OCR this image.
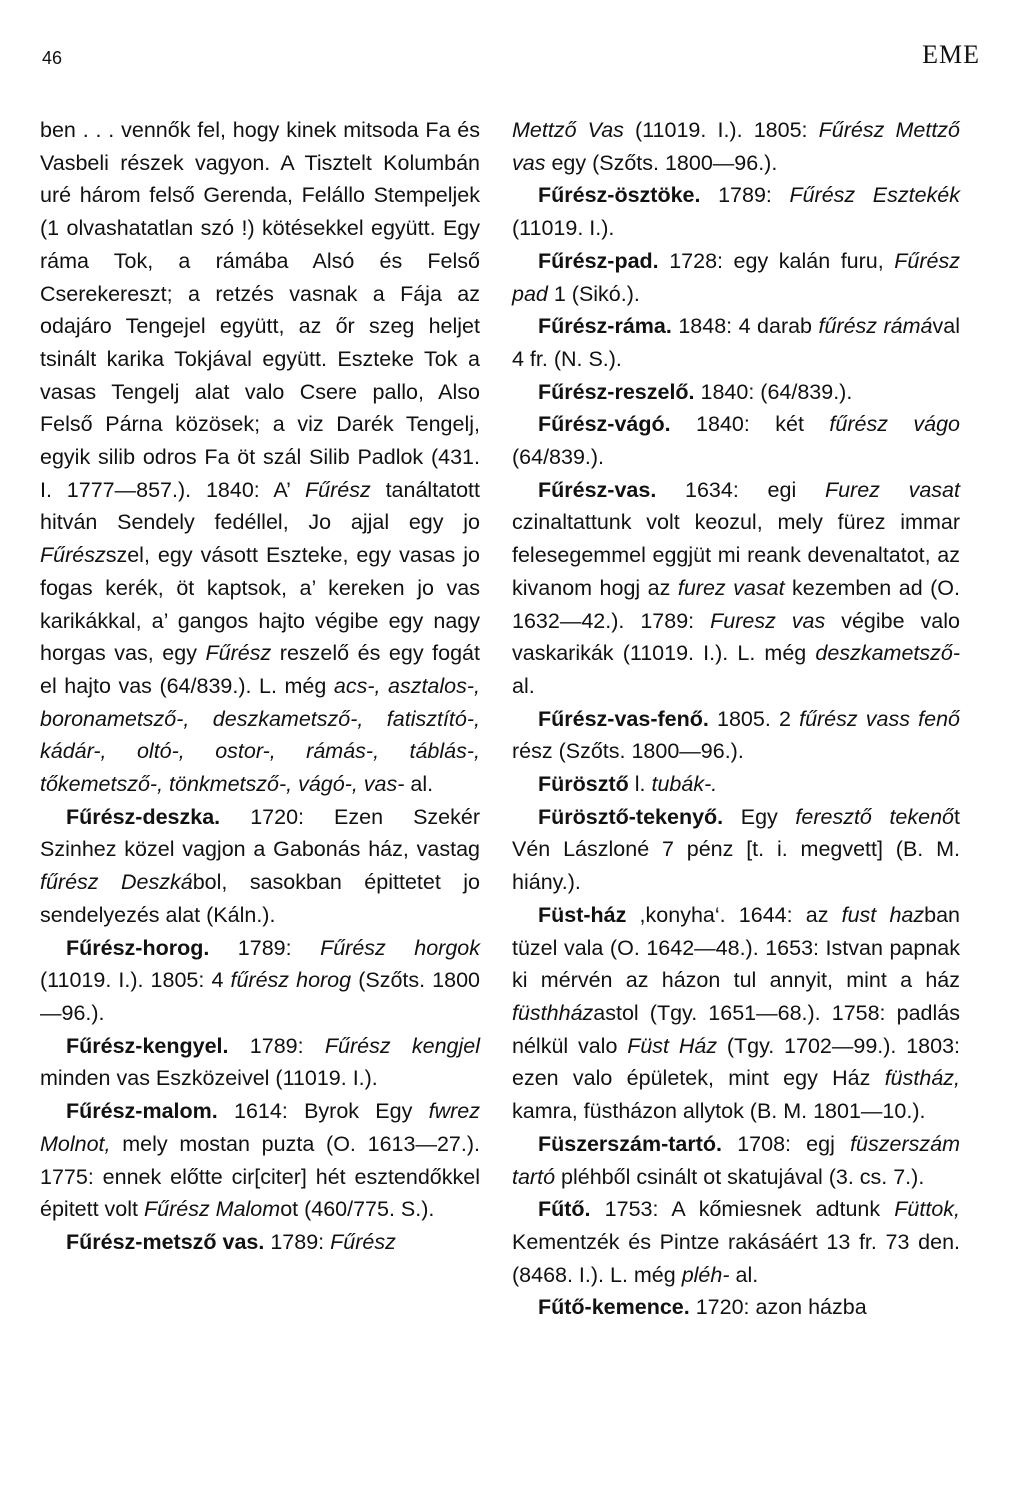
46	EME

ben . . . vennők fel, hogy kinek mitsoda Fa és Vasbeli részek vagyon. A Tisztelt Kolumbán uré három felső Gerenda, Felállo Stempeljek (1 olvashatatlan szó !) kötésekkel együtt. Egy ráma Tok, a rámába Alsó és Felső Cserekereszt; a retzés vasnak a Fája az odajáro Tengejel együtt, az őr szeg heljet tsinált karika Tokjával együtt. Eszteke Tok a vasas Tengelj alat valo Csere pallo, Also Felső Párna közösek; a viz Darék Tengelj, egyik silib odros Fa öt szál Silib Padlok (431. I. 1777—857.). 1840: A’ Fűrész tanáltatott hitván Sendely fedéllel, Jo ajjal egy jo Fűrészszel, egy vásott Eszteke, egy vasas jo fogas kerék, öt kaptsok, a’ kereken jo vas karikákkal, a’ gangos hajto végibe egy nagy horgas vas, egy Fűrész reszelő és egy fogát el hajto vas (64/839.). L. még acs-, asztalos-, boronametsző-, deszkametsző-, fatisztító-, kádár-, oltó-, ostor-, rámás-, táblás-, tőkemetsző-, tönkmetsző-, vágó-, vas- al.

Fűrész-deszka. 1720: Ezen Szekér Szinhez közel vagjon a Gabonás ház, vastag fűrész Deszkábol, sasokban épittetet jo sendelyezés alat (Káln.).

Fűrész-horog. 1789: Fűrész horgok (11019. I.). 1805: 4 fűrész horog (Szőts. 1800—96.).

Fűrész-kengyel. 1789: Fűrész kengjel minden vas Eszközeivel (11019. I.).

Fűrész-malom. 1614: Byrok Egy fwrez Molnot, mely mostan puzta (O. 1613—27.). 1775: ennek előtte cir[citer] hét esztendőkkel épitett volt Fűrész Malomot (460/775. S.).

Fűrész-metsző vas. 1789: Fűrész

Mettző Vas (11019. I.). 1805: Fűrész Mettző vas egy (Szőts. 1800—96.).

Fűrész-ösztöke. 1789: Fűrész Esztekék (11019. I.).

Fűrész-pad. 1728: egy kalán furu, Fűrész pad 1 (Sikó.).

Fűrész-ráma. 1848: 4 darab fűrész rámával 4 fr. (N. S.).

Fűrész-reszelő. 1840: (64/839.).

Fűrész-vágó. 1840: két fűrész vágo (64/839.).

Fűrész-vas. 1634: egi Furez vasat czinaltattunk volt keozul, mely fürez immar felesegemmel eggjüt mi reank devenaltatot, az kivanom hogj az furez vasat kezemben ad (O. 1632—42.). 1789: Furesz vas végibe valo vaskarikák (11019. I.). L. még deszkametsző- al.

Fűrész-vas-fenő. 1805. 2 fűrész vass fenő rész (Szőts. 1800—96.).

Fürösztő l. tubák-.

Fürösztő-tekenyő. Egy feresztő tekenőt Vén Lászloné 7 pénz [t. i. megvett] (B. M. hiány.).

Füst-ház ,konyha‘. 1644: az fust hazban tüzel vala (O. 1642—48.). 1653: Istvan papnak ki mérvén az házon tul annyit, mint a ház füsthházastol (Tgy. 1651—68.). 1758: padlás nélkül valo Füst Ház (Tgy. 1702—99.). 1803: ezen valo épületek, mint egy Ház füstház, kamra, füstházon allytok (B. M. 1801—10.).

Füszerszám-tartó. 1708: egj füszerszám tartó pléhből csinált ot skatujával (3. cs. 7.).

Fűtő. 1753: A kőmiesnek adtunk Füttok, Kementzék és Pintze rakásáért 13 fr. 73 den. (8468. I.). L. még pléh- al.

Fűtő-kemence. 1720: azon házba
